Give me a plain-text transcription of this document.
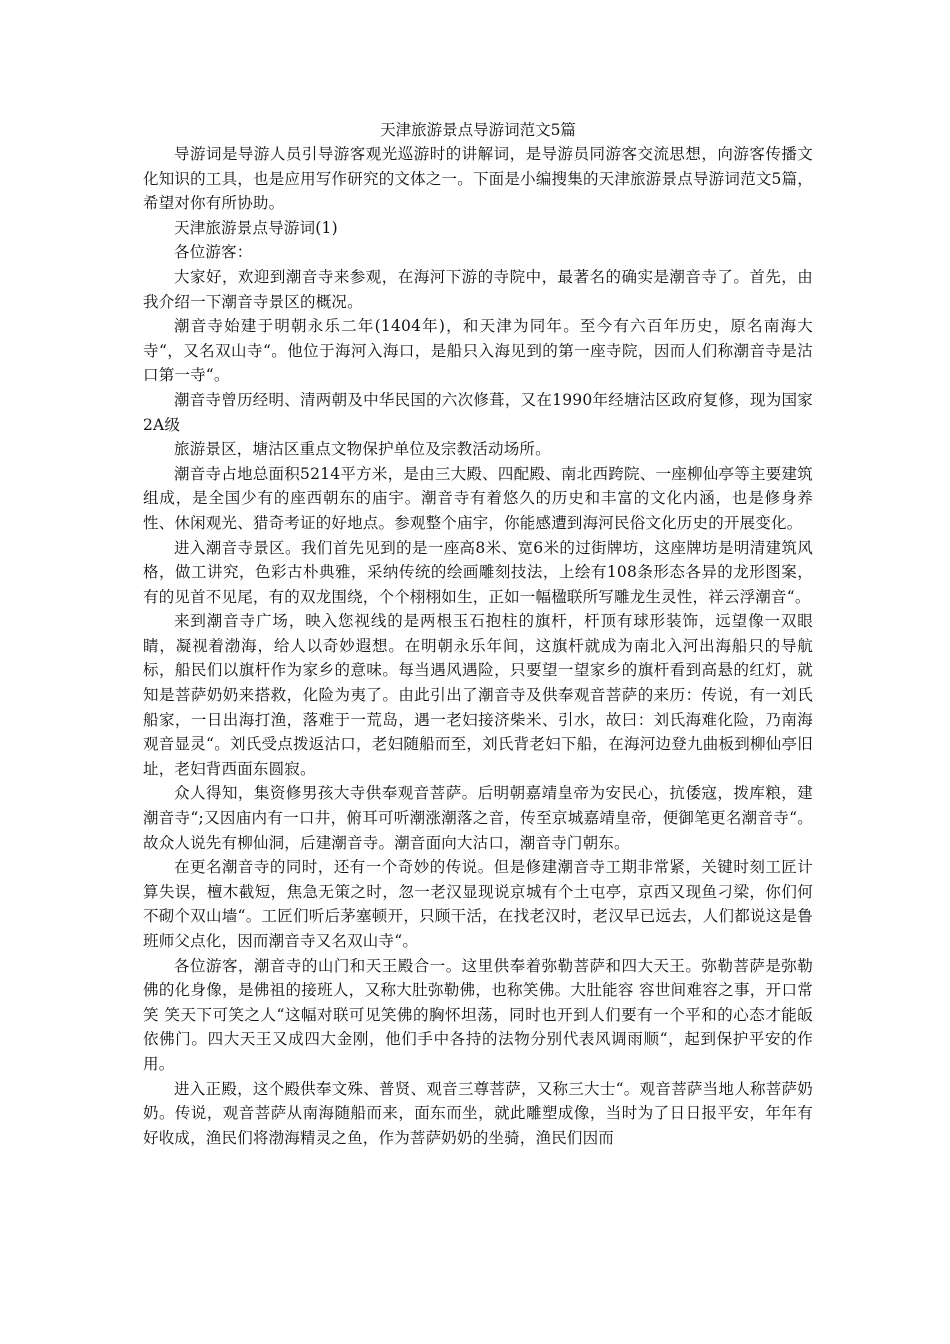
天津旅游景点导游词范文5篇

导游词是导游人员引导游客观光巡游时的讲解词，是导游员同游客交流思想，向游客传播文化知识的工具，也是应用写作研究的文体之一。下面是小编搜集的天津旅游景点导游词范文5篇，希望对你有所协助。

天津旅游景点导游词(1)

各位游客：

大家好，欢迎到潮音寺来参观，在海河下游的寺院中，最著名的确实是潮音寺了。首先，由我介绍一下潮音寺景区的概况。

潮音寺始建于明朝永乐二年(1404年)，和天津为同年。至今有六百年历史，原名南海大寺“，又名双山寺“。他位于海河入海口，是船只入海见到的第一座寺院，因而人们称潮音寺是沽口第一寺“。

潮音寺曾历经明、清两朝及中华民国的六次修葺，又在1990年经塘沽区政府复修，现为国家2A级

旅游景区，塘沽区重点文物保护单位及宗教活动场所。

潮音寺占地总面积5214平方米，是由三大殿、四配殿、南北西跨院、一座柳仙亭等主要建筑组成，是全国少有的座西朝东的庙宇。潮音寺有着悠久的历史和丰富的文化内涵，也是修身养性、休闲观光、猎奇考证的好地点。参观整个庙宇，你能感遭到海河民俗文化历史的开展变化。

进入潮音寺景区。我们首先见到的是一座高8米、宽6米的过街牌坊，这座牌坊是明清建筑风格，做工讲究，色彩古朴典雅，采纳传统的绘画雕刻技法，上绘有108条形态各异的龙形图案，有的见首不见尾，有的双龙围绕，个个栩栩如生，正如一幅楹联所写雕龙生灵性，祥云浮潮音“。

来到潮音寺广场，映入您视线的是两根玉石抱柱的旗杆，杆顶有球形装饰，远望像一双眼睛，凝视着渤海，给人以奇妙遐想。在明朝永乐年间，这旗杆就成为南北入河出海船只的导航标，船民们以旗杆作为家乡的意味。每当遇风遇险，只要望一望家乡的旗杆看到高悬的红灯，就知是菩萨奶奶来搭救，化险为夷了。由此引出了潮音寺及供奉观音菩萨的来历：传说，有一刘氏船家，一日出海打渔，落难于一荒岛，遇一老妇接济柴米、引水，故曰：刘氏海难化险，乃南海观音显灵“。刘氏受点拨返沽口，老妇随船而至，刘氏背老妇下船，在海河边登九曲板到柳仙亭旧址，老妇背西面东圆寂。

众人得知，集资修男孩大寺供奉观音菩萨。后明朝嘉靖皇帝为安民心，抗倭寇，拨库粮，建潮音寺“;又因庙内有一口井，俯耳可听潮涨潮落之音，传至京城嘉靖皇帝，便御笔更名潮音寺“。故众人说先有柳仙洞，后建潮音寺。潮音面向大沽口，潮音寺门朝东。

在更名潮音寺的同时，还有一个奇妙的传说。但是修建潮音寺工期非常紧，关键时刻工匠计算失误，檀木截短，焦急无策之时，忽一老汉显现说京城有个土屯亭，京西又现鱼刁梁，你们何不砌个双山墙“。工匠们听后茅塞顿开，只顾干活，在找老汉时，老汉早已远去，人们都说这是鲁班师父点化，因而潮音寺又名双山寺“。

各位游客，潮音寺的山门和天王殿合一。这里供奉着弥勒菩萨和四大天王。弥勒菩萨是弥勒佛的化身像，是佛祖的接班人，又称大肚弥勒佛，也称笑佛。大肚能容 容世间难容之事，开口常笑 笑天下可笑之人“这幅对联可见笑佛的胸怀坦荡，同时也开到人们要有一个平和的心态才能皈依佛门。四大天王又成四大金刚，他们手中各持的法物分别代表风调雨顺“，起到保护平安的作用。

进入正殿，这个殿供奉文殊、普贤、观音三尊菩萨，又称三大士“。观音菩萨当地人称菩萨奶奶。传说，观音菩萨从南海随船而来，面东而坐，就此雕塑成像，当时为了日日报平安，年年有好收成，渔民们将渤海精灵之鱼，作为菩萨奶奶的坐骑，渔民们因而
